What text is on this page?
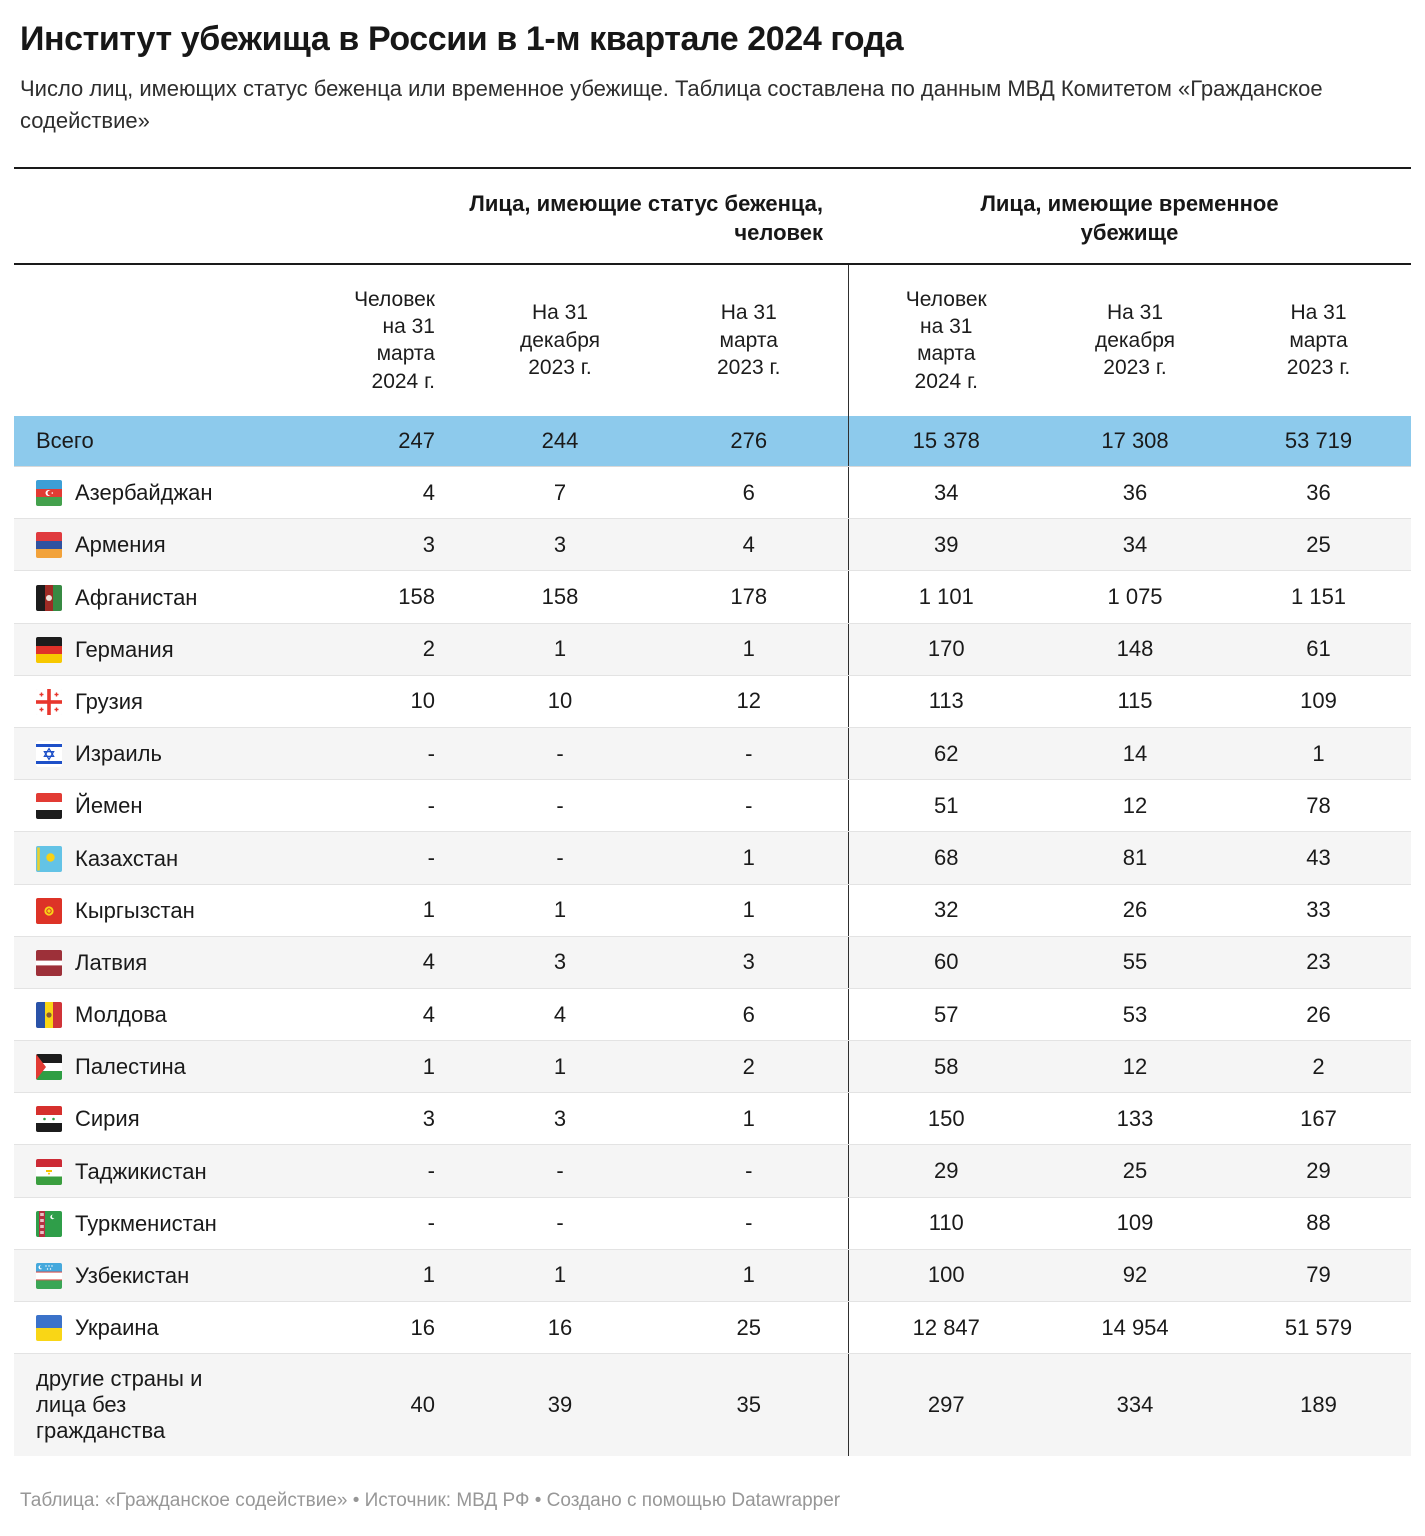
Институт убежища в России в 1-м квартале 2024 года

Число лиц, имеющих статус беженца или временное убежище. Таблица составлена по данным МВД Комитетом «Гражданское содействие»

	Лица, имеющие статус беженца, человек			Лица, имеющие временное убежище		
	Человек на 31 марта 2024 г.	На 31 декабря 2023 г.	На 31 марта 2023 г.	Человек на 31 марта 2024 г.	На 31 декабря 2023 г.	На 31 марта 2023 г.
Всего	247	244	276	15 378	17 308	53 719

Азербайджан	4	7	6	34	36	36

Армения	3	3	4	39	34	25

Афганистан	158	158	178	1 101	1 075	1 151

Германия	2	1	1	170	148	61

Грузия	10	10	12	113	115	109

Израиль	-	-	-	62	14	1

Йемен	-	-	-	51	12	78

Казахстан	-	-	1	68	81	43

Кыргызстан	1	1	1	32	26	33

Латвия	4	3	3	60	55	23

Молдова	4	4	6	57	53	26

Палестина	1	1	2	58	12	2

Сирия	3	3	1	150	133	167

Таджикистан	-	-	-	29	25	29

Туркменистан	-	-	-	110	109	88

Узбекистан	1	1	1	100	92	79

Украина	16	16	25	12 847	14 954	51 579
другие страны и лица без гражданства	40	39	35	297	334	189
Таблица: «Гражданское содействие» • Источник: МВД РФ • Создано с помощью Datawrapper
